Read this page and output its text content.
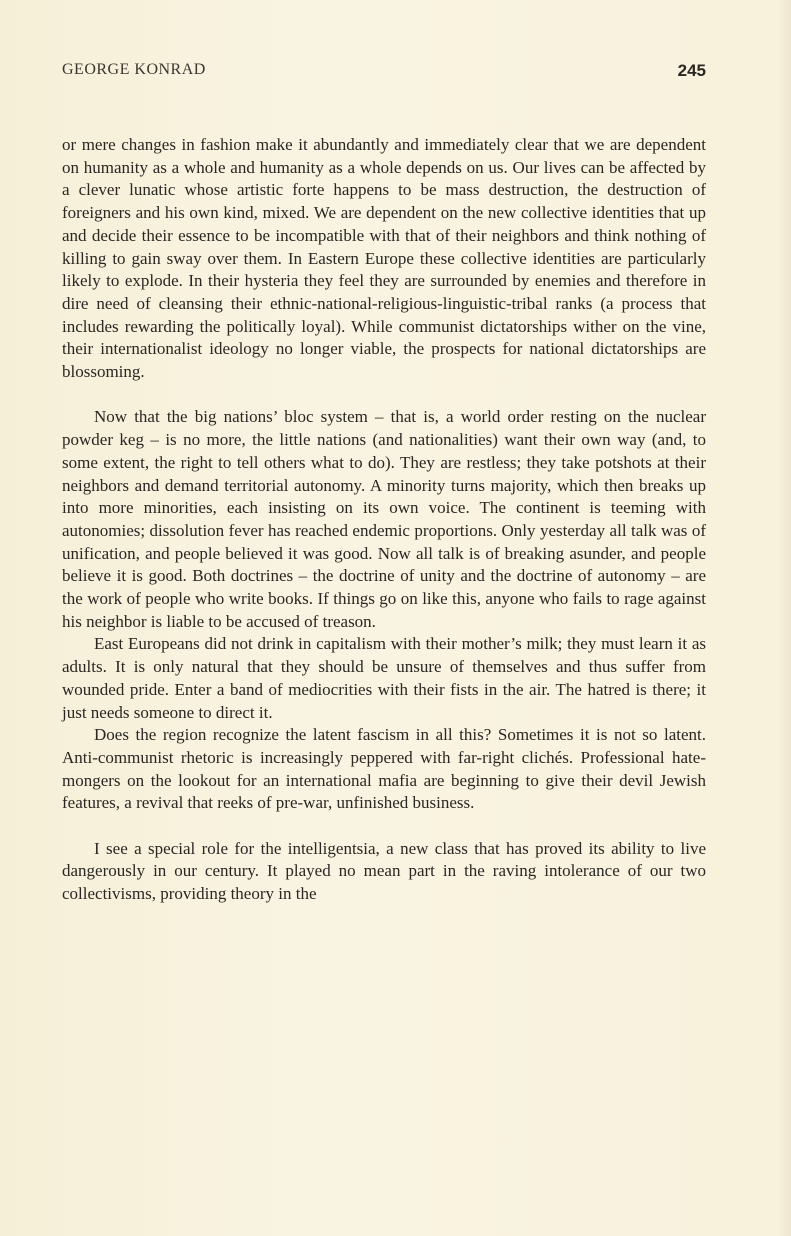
GEORGE KONRAD	245

or mere changes in fashion make it abundantly and immediately clear that we are dependent on humanity as a whole and humanity as a whole depends on us. Our lives can be affected by a clever lunatic whose artistic forte happens to be mass destruction, the destruction of foreigners and his own kind, mixed. We are dependent on the new collective identities that up and decide their essence to be incompatible with that of their neighbors and think nothing of killing to gain sway over them. In Eastern Europe these collective identities are particularly likely to explode. In their hysteria they feel they are surrounded by enemies and therefore in dire need of cleansing their ethnic-national-religious-linguistic-tribal ranks (a process that includes rewarding the politically loyal). While communist dictatorships wither on the vine, their internationalist ideology no longer viable, the prospects for national dictatorships are blossoming.

Now that the big nations’ bloc system – that is, a world order resting on the nuclear powder keg – is no more, the little nations (and nationalities) want their own way (and, to some extent, the right to tell others what to do). They are restless; they take potshots at their neighbors and demand territorial autonomy. A minority turns majority, which then breaks up into more minorities, each insisting on its own voice. The continent is teeming with autonomies; dissolution fever has reached endemic proportions. Only yesterday all talk was of unification, and people believed it was good. Now all talk is of breaking asunder, and people believe it is good. Both doctrines – the doctrine of unity and the doctrine of autonomy – are the work of people who write books. If things go on like this, anyone who fails to rage against his neighbor is liable to be accused of treason.

East Europeans did not drink in capitalism with their mother’s milk; they must learn it as adults. It is only natural that they should be unsure of themselves and thus suffer from wounded pride. Enter a band of mediocrities with their fists in the air. The hatred is there; it just needs someone to direct it.

Does the region recognize the latent fascism in all this? Sometimes it is not so latent. Anti-communist rhetoric is increasingly peppered with far-right clichés. Professional hate-mongers on the lookout for an international mafia are beginning to give their devil Jewish features, a revival that reeks of pre-war, unfinished business.

I see a special role for the intelligentsia, a new class that has proved its ability to live dangerously in our century. It played no mean part in the raving intolerance of our two collectivisms, providing theory in the
